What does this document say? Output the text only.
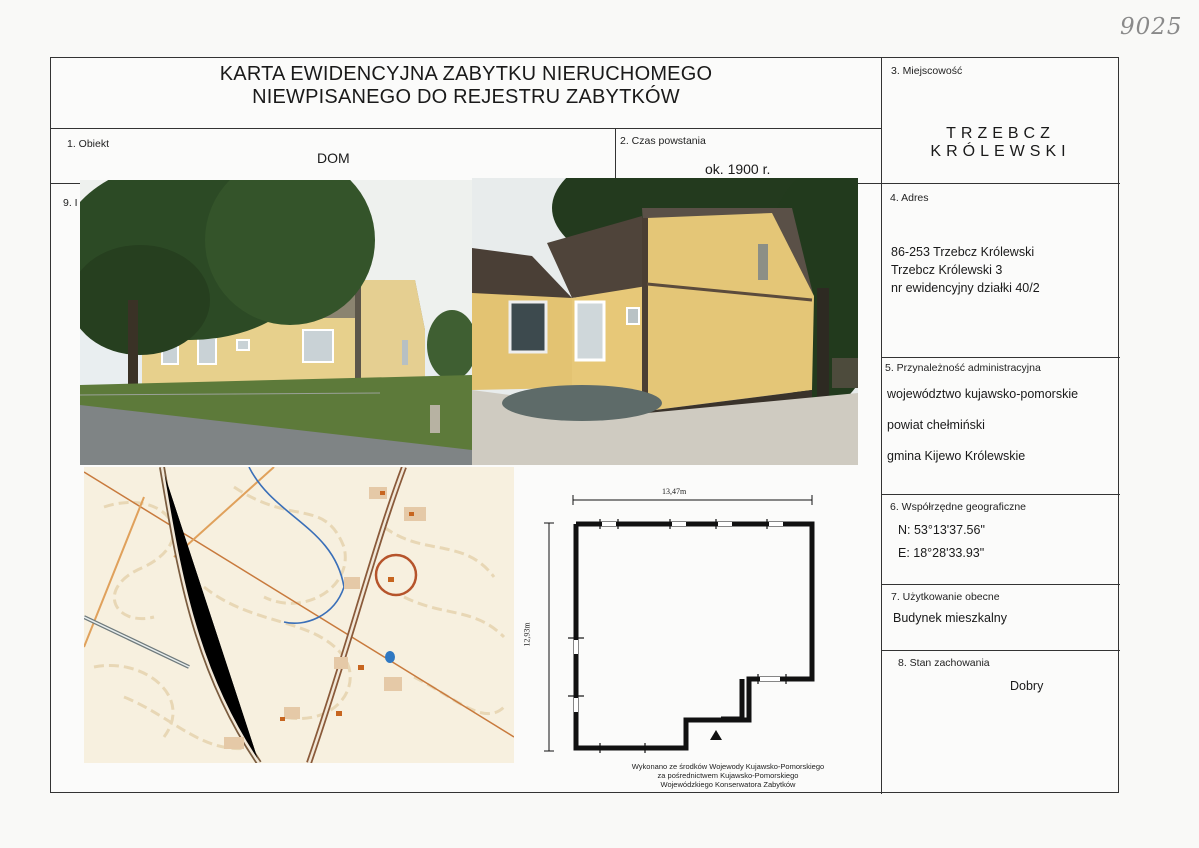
9025
KARTA EWIDENCYJNA ZABYTKU NIERUCHOMEGO
NIEWPISANEGO DO REJESTRU ZABYTKÓW
1. Obiekt
DOM
2. Czas powstania
ok. 1900 r.
3. Miejscowość
TRZEBCZ
KRÓLEWSKI
9. I	4. Adres
86-253 Trzebcz Królewski
Trzebcz Królewski 3
nr ewidencyjny działki 40/2
5. Przynależność administracyjna
województwo kujawsko-pomorskie
powiat chełmiński
gmina Kijewo Królewskie
6. Współrzędne geograficzne
N: 53°13'37.56"
E: 18°28'33.93"
7. Użytkowanie obecne
Budynek mieszkalny
8. Stan zachowania
Dobry
13,47m
12,93m
Wykonano ze środków Wojewody Kujawsko-Pomorskiego
za pośrednictwem Kujawsko-Pomorskiego
Wojewódzkiego Konserwatora Zabytków
